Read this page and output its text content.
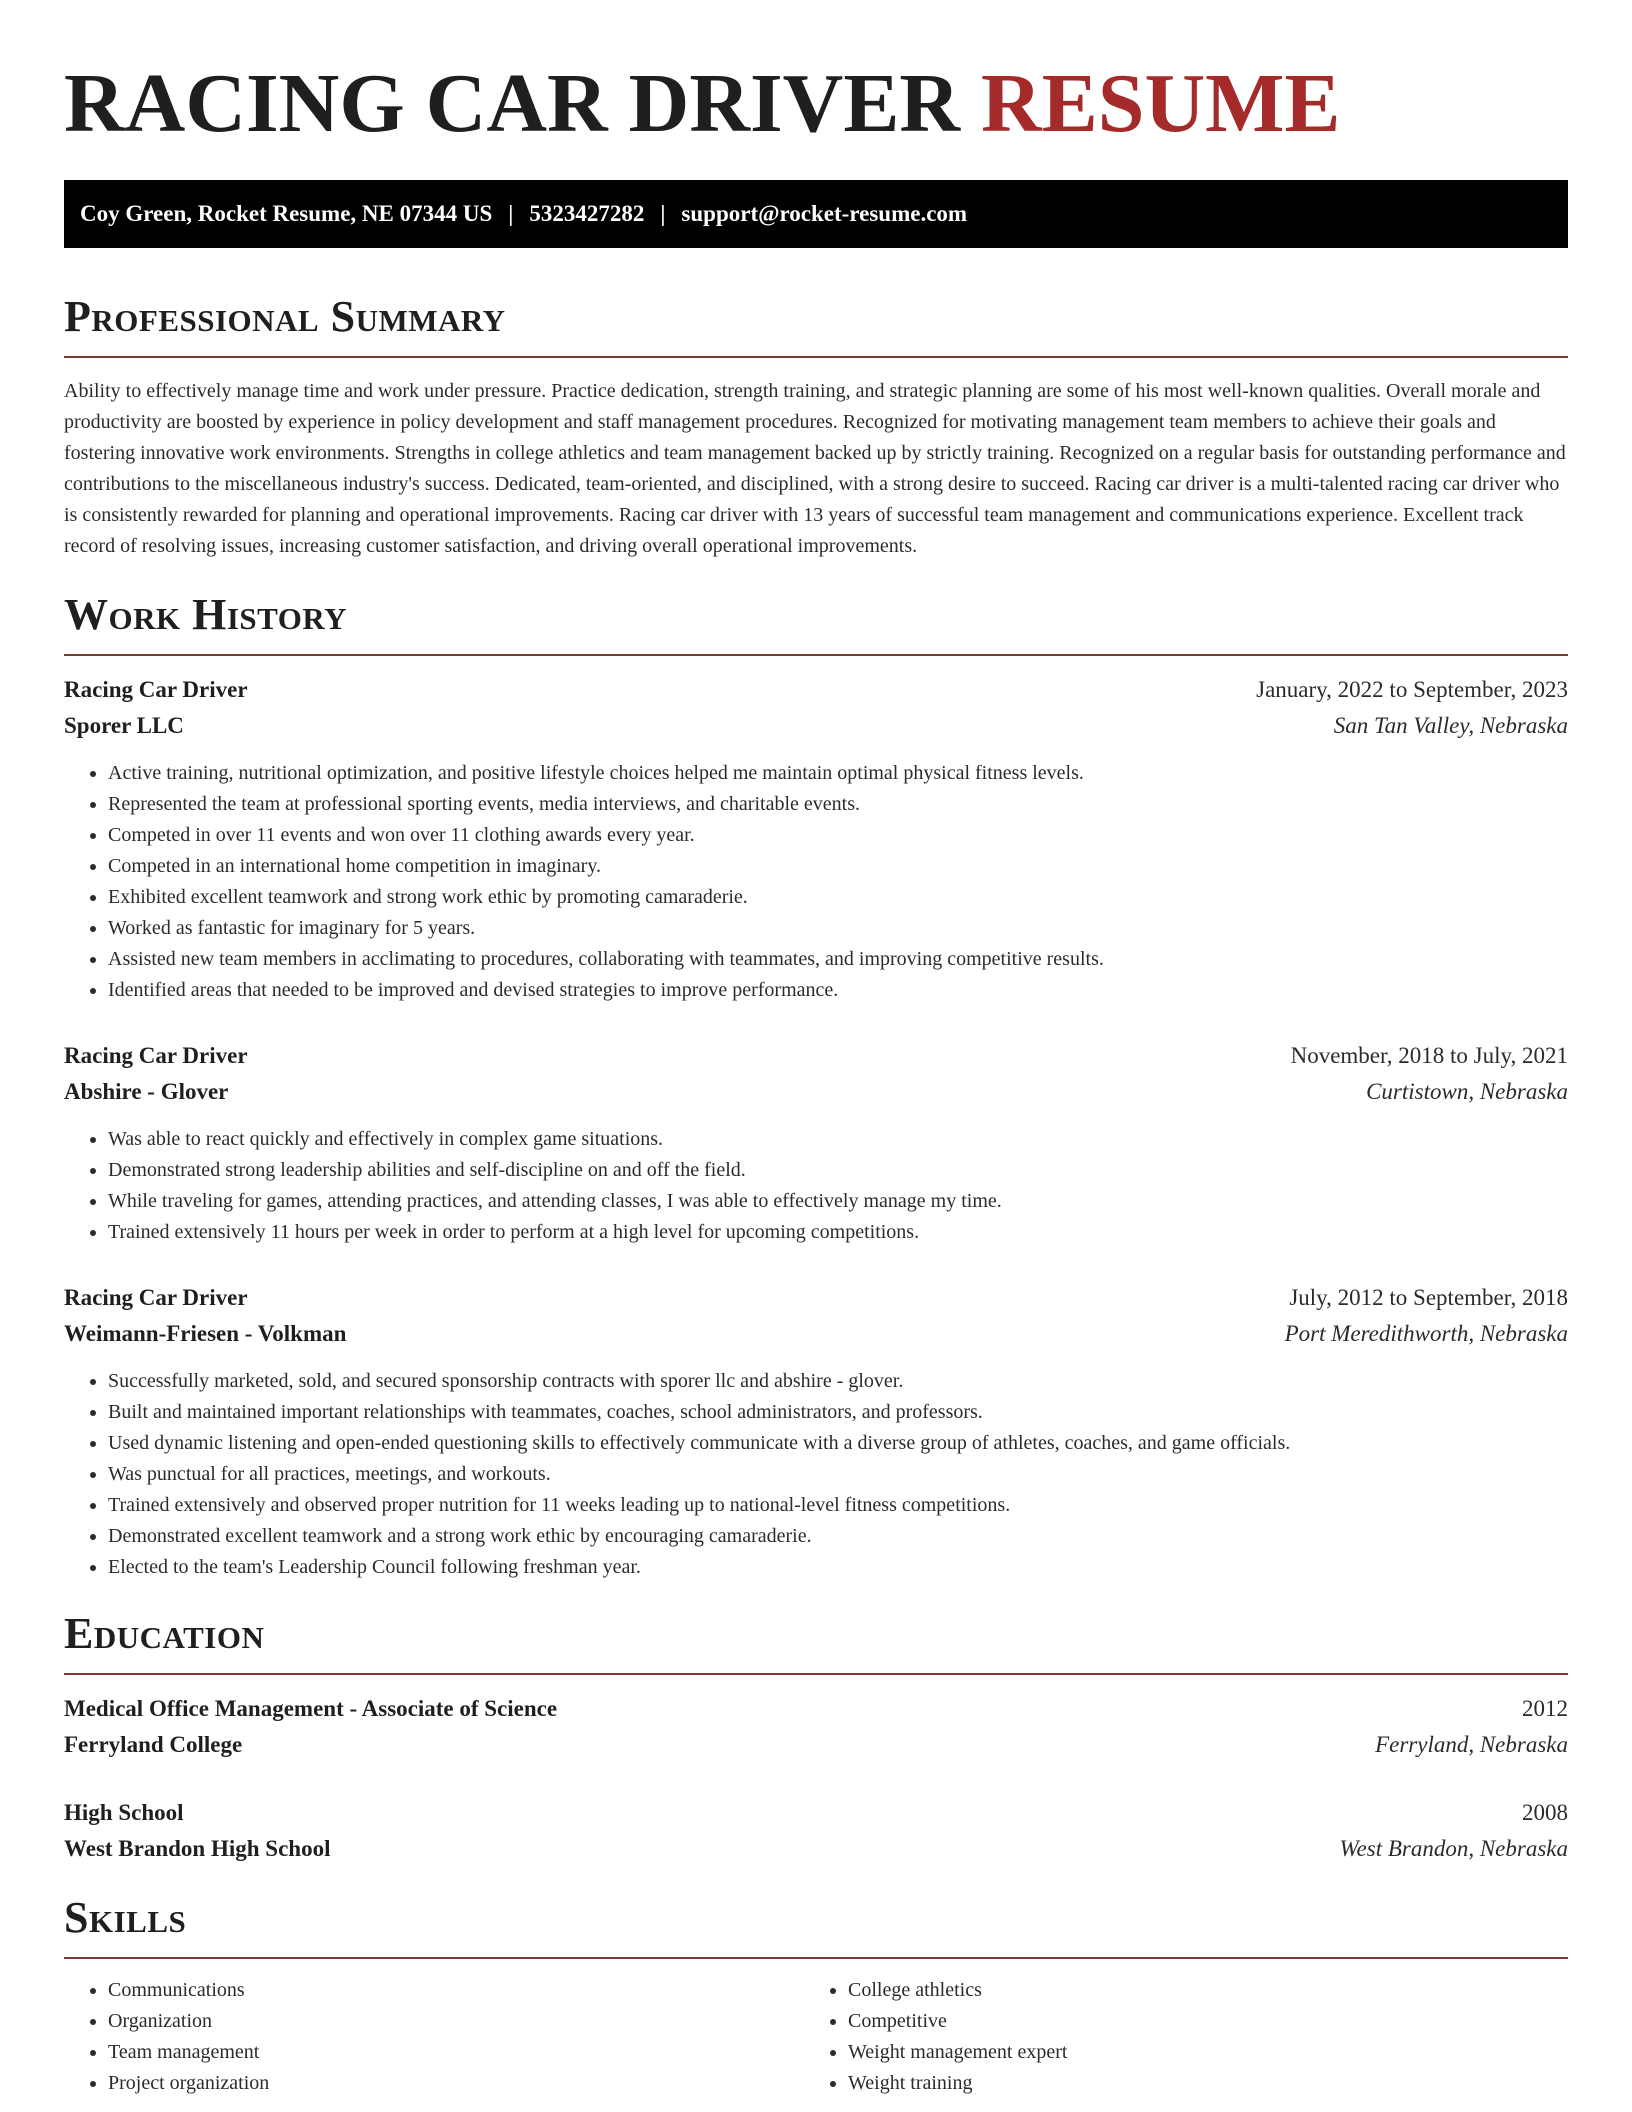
RACING CAR DRIVER RESUME
Coy Green, Rocket Resume, NE 07344 US | 5323427282 | support@rocket-resume.com
Professional Summary

Ability to effectively manage time and work under pressure. Practice dedication, strength training, and strategic planning are some of his most well-known qualities. Overall morale and productivity are boosted by experience in policy development and staff management procedures. Recognized for motivating management team members to achieve their goals and fostering innovative work environments. Strengths in college athletics and team management backed up by strictly training. Recognized on a regular basis for outstanding performance and contributions to the miscellaneous industry's success. Dedicated, team-oriented, and disciplined, with a strong desire to succeed. Racing car driver is a multi-talented racing car driver who is consistently rewarded for planning and operational improvements. Racing car driver with 13 years of successful team management and communications experience. Excellent track record of resolving issues, increasing customer satisfaction, and driving overall operational improvements.

Work History
Racing Car Driver	January, 2022 to September, 2023
Sporer LLC	San Tan Valley, Nebraska
• Active training, nutritional optimization, and positive lifestyle choices helped me maintain optimal physical fitness levels.
• Represented the team at professional sporting events, media interviews, and charitable events.
• Competed in over 11 events and won over 11 clothing awards every year.
• Competed in an international home competition in imaginary.
• Exhibited excellent teamwork and strong work ethic by promoting camaraderie.
• Worked as fantastic for imaginary for 5 years.
• Assisted new team members in acclimating to procedures, collaborating with teammates, and improving competitive results.
• Identified areas that needed to be improved and devised strategies to improve performance.
Racing Car Driver	November, 2018 to July, 2021
Abshire - Glover	Curtistown, Nebraska
• Was able to react quickly and effectively in complex game situations.
• Demonstrated strong leadership abilities and self-discipline on and off the field.
• While traveling for games, attending practices, and attending classes, I was able to effectively manage my time.
• Trained extensively 11 hours per week in order to perform at a high level for upcoming competitions.
Racing Car Driver	July, 2012 to September, 2018
Weimann-Friesen - Volkman	Port Meredithworth, Nebraska
• Successfully marketed, sold, and secured sponsorship contracts with sporer llc and abshire - glover.
• Built and maintained important relationships with teammates, coaches, school administrators, and professors.
• Used dynamic listening and open-ended questioning skills to effectively communicate with a diverse group of athletes, coaches, and game officials.
• Was punctual for all practices, meetings, and workouts.
• Trained extensively and observed proper nutrition for 11 weeks leading up to national-level fitness competitions.
• Demonstrated excellent teamwork and a strong work ethic by encouraging camaraderie.
• Elected to the team's Leadership Council following freshman year.
Education
Medical Office Management - Associate of Science	2012
Ferryland College	Ferryland, Nebraska
High School	2008
West Brandon High School	West Brandon, Nebraska
Skills
• Communications
• Organization
• Team management
• Project organization
• College athletics
• Competitive
• Weight management expert
• Weight training
